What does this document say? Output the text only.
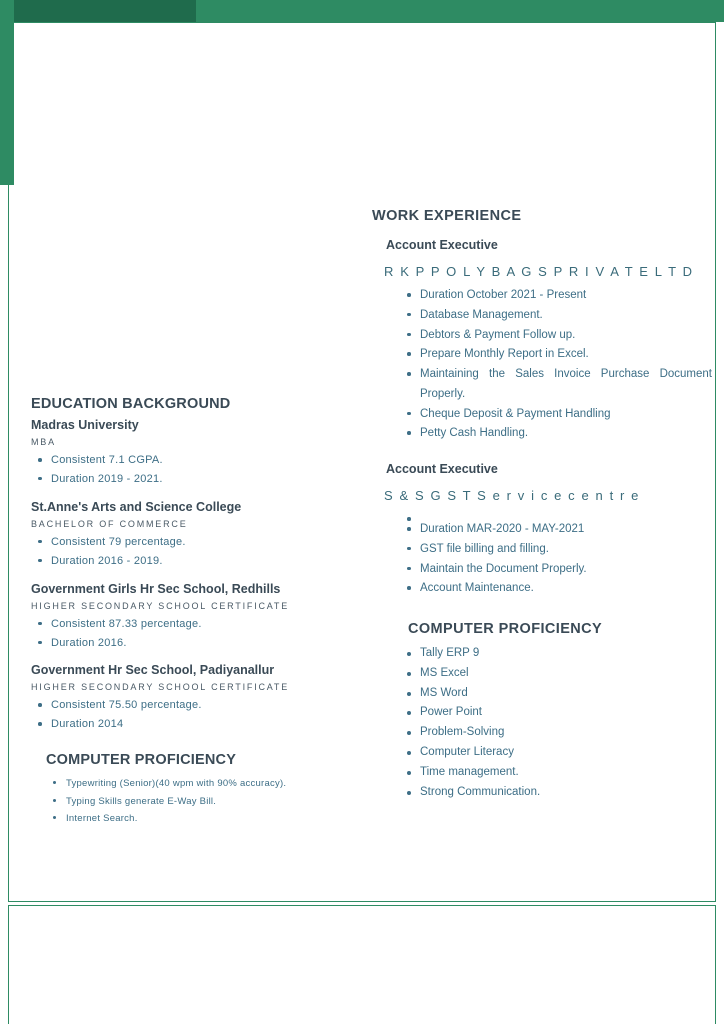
EDUCATION BACKGROUND
Madras University
MBA
Consistent 7.1 CGPA.
Duration 2019 - 2021.
St.Anne's Arts and Science College
BACHELOR OF COMMERCE
Consistent 79 percentage.
Duration 2016 - 2019.
Government Girls Hr Sec School, Redhills
HIGHER SECONDARY SCHOOL CERTIFICATE
Consistent 87.33 percentage.
Duration 2016.
Government Hr Sec School, Padiyanallur
HIGHER SECONDARY SCHOOL CERTIFICATE
Consistent 75.50 percentage.
Duration 2014
COMPUTER PROFICIENCY
Typewriting (Senior)(40 wpm with 90% accuracy).
Typing Skills generate E-Way Bill.
Internet Search.
WORK EXPERIENCE
Account Executive
R K P P O L Y B A G S P R I V A T E L T D
Duration October 2021 - Present
Database Management.
Debtors & Payment Follow up.
Prepare Monthly Report in Excel.
Maintaining the Sales Invoice Purchase Document Properly.
Cheque Deposit & Payment Handling
Petty Cash Handling.
Account Executive
S & S G S T S e r v i c e c e n t r e
Duration MAR-2020 - MAY-2021
GST file billing and filling.
Maintain the Document Properly.
Account Maintenance.
COMPUTER PROFICIENCY
Tally ERP 9
MS Excel
MS Word
Power Point
Problem-Solving
Computer Literacy
Time management.
Strong Communication.
